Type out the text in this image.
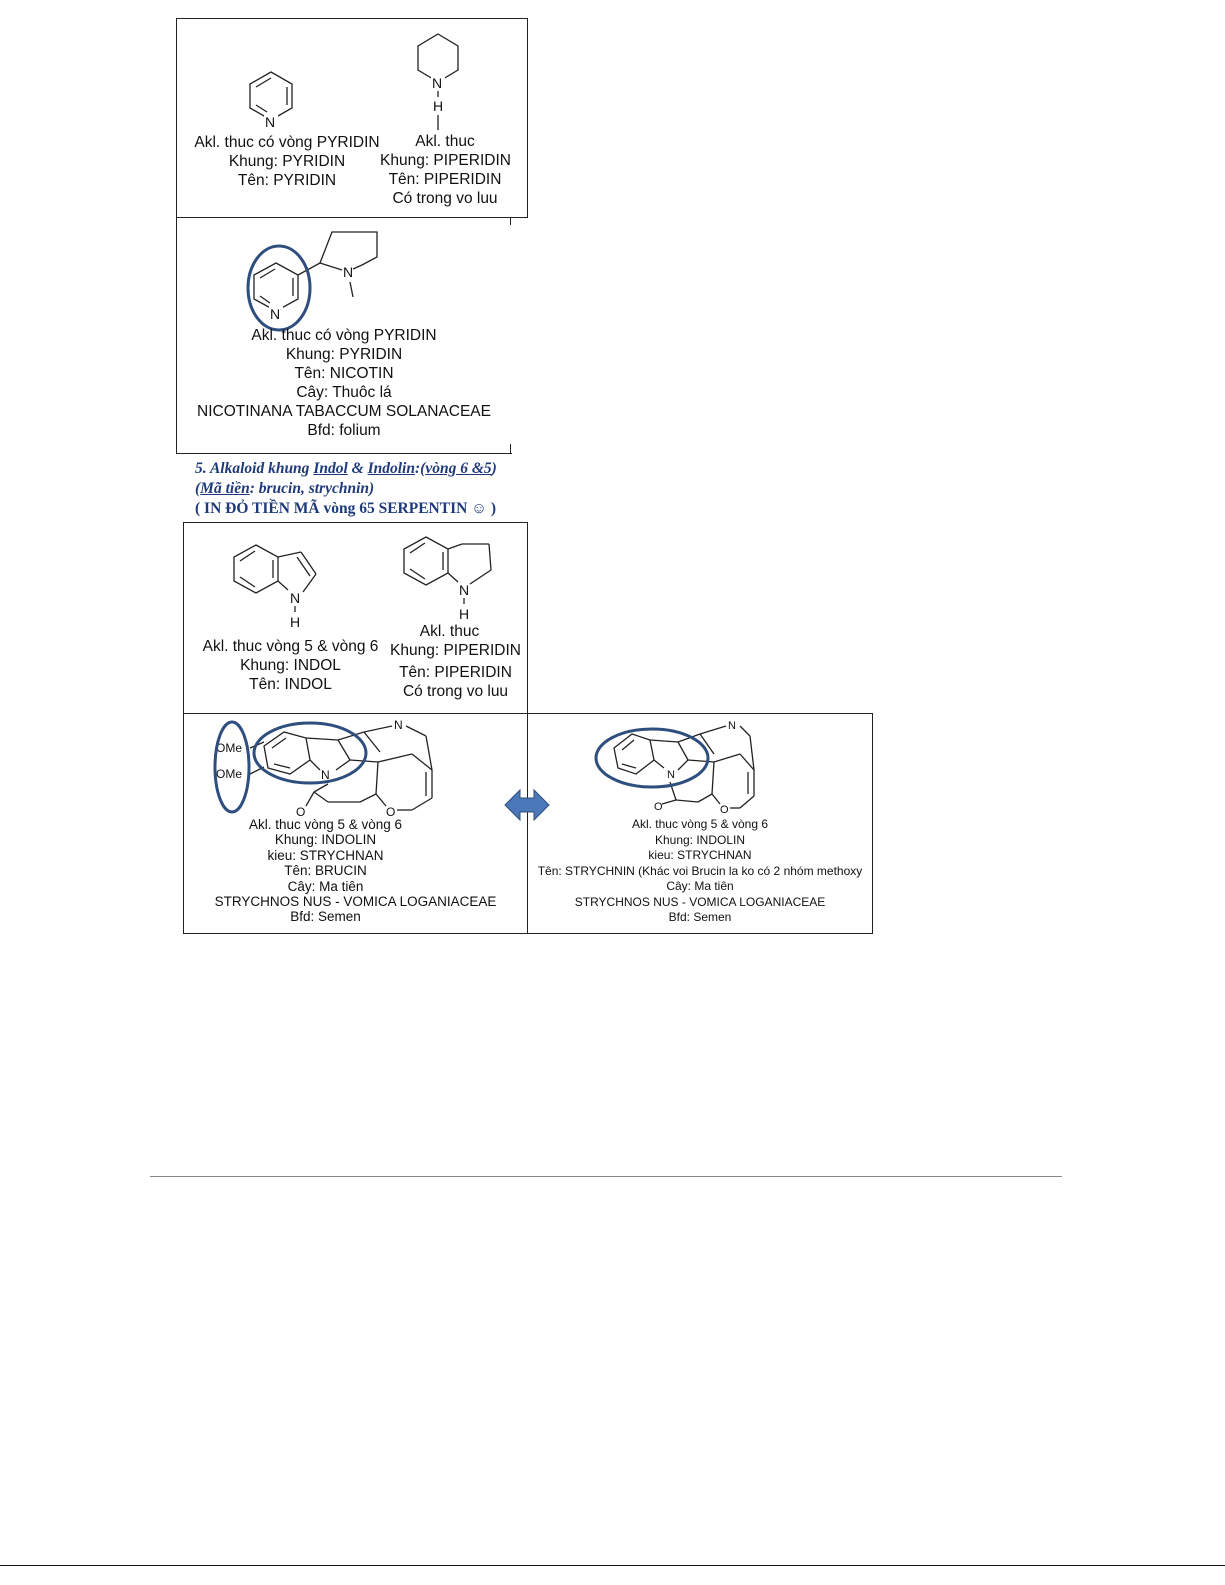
N
Akl. thuc có vòng PYRIDIN
Khung: PYRIDIN
Tên: PYRIDIN
N
H
Akl. thuc
Khung: PIPERIDIN
Tên: PIPERIDIN
Có trong vo luu
N
N
Akl. thuc có vòng PYRIDIN
Khung: PYRIDIN
Tên: NICOTIN
Cây: Thuôc lá
NICOTINANA TABACCUM SOLANACEAE
Bfd: folium
5. Alkaloid khung Indol & Indolin:(vòng 6 &5)
(Mã tiền: brucin, strychnin)
( IN ĐỎ TIỀN MÃ vòng 65 SERPENTIN ☺ )
N
H
Akl. thuc vòng 5 & vòng 6
Khung: INDOL
Tên: INDOL
N
H
Akl. thuc
Khung: PIPERIDIN
Tên: PIPERIDIN
Có trong vo luu
OMe
OMe	N
N
O	O
Akl. thuc vòng 5 & vòng 6
Khung: INDOLIN
kieu: STRYCHNAN
Tên: BRUCIN
Cây: Ma tiên
STRYCHNOS NUS - VOMICA LOGANIACEAE
Bfd: Semen
N
N
O	O
Akl. thuc vòng 5 & vòng 6
Khung: INDOLIN
kieu: STRYCHNAN
Tên: STRYCHNIN (Khác voi Brucin la ko có 2 nhóm methoxy
Cây: Ma tiên
STRYCHNOS NUS - VOMICA LOGANIACEAE
Bfd: Semen
